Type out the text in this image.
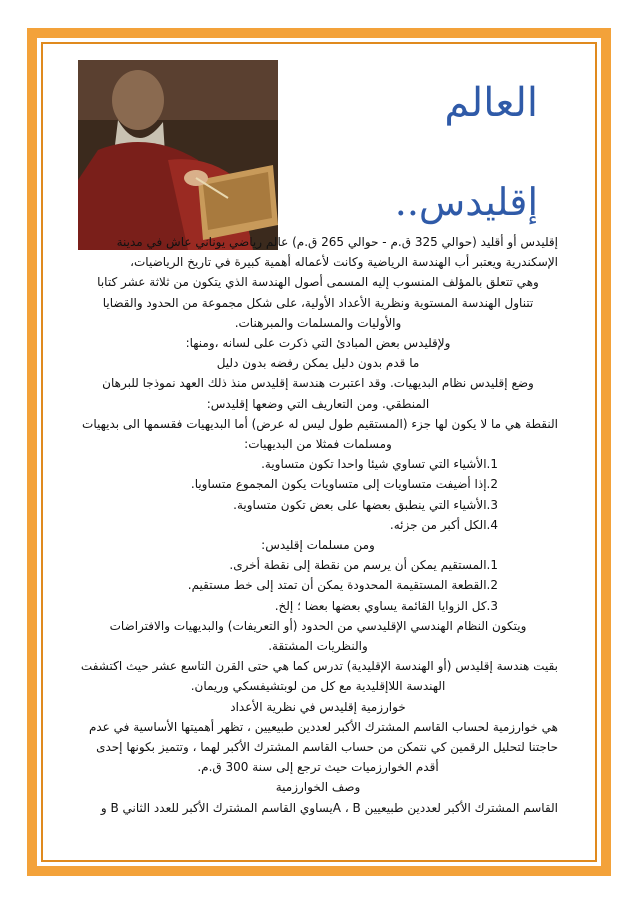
العالم
إقليدس..

إقليدس أو أقليد (حوالي 325 ق.م - حوالي 265 ق.م) عالم رياضي يوناني عاش في مدينة

الإسكندرية ويعتبر أب الهندسة الرياضية وكانت لأعماله أهمية كبيرة في تاريخ الرياضيات،

وهي تتعلق بالمؤلف المنسوب إليه المسمى أصول الهندسة الذي يتكون من ثلاثة عشر كتابا

تتناول الهندسة المستوية ونظرية الأعداد الأولية، على شكل مجموعة من الحدود والقضايا

والأوليات والمسلمات والمبرهنات.

ولإقليدس بعض المبادئ التي ذكرت على لسانه ،ومنها:

ما قدم بدون دليل يمكن رفضه بدون دليل

وضع إقليدس نظام البديهيات. وقد اعتبرت هندسة إقليدس منذ ذلك العهد نموذجا للبرهان

المنطقي. ومن التعاريف التي وضعها إقليدس:

النقطة هي ما لا يكون لها جزء (المستقيم طول ليس له عرض) أما البديهيات فقسمها الى بديهيات

ومسلمات فمثلا من البديهيات:

1.الأشياء التي تساوي شيئا واحدا تكون متساوية.

2.إذا أضيفت متساويات إلى متساويات يكون المجموع متساويا.

3.الأشياء التي ينطبق بعضها على بعض تكون متساوية.

4.الكل أكبر من جزئه.

ومن مسلمات إقليدس:

1.المستقيم يمكن أن يرسم من نقطة إلى نقطة أخرى.

2.القطعة المستقيمة المحدودة يمكن أن تمتد إلى خط مستقيم.

3.كل الزوايا القائمة يساوي بعضها بعضا ؛ إلخ.

ويتكون النظام الهندسي الإقليدسي من الحدود (أو التعريفات) والبديهيات والافتراضات

والنظريات المشتقة.

بقيت هندسة إقليدس (أو الهندسة الإقليدية) تدرس كما هي حتى القرن التاسع عشر حيث اكتشفت

الهندسة اللاإقليدية مع كل من لوبتشيفسكي وريمان.

خوارزمية إقليدس في نظرية الأعداد

هي خوارزمية لحساب القاسم المشترك الأكبر لعددين طبيعيين ، تظهر أهميتها الأساسية في عدم

حاجتنا لتحليل الرقمين كي نتمكن من حساب القاسم المشترك الأكبر لهما ، وتتميز بكونها إحدى

أقدم الخوارزميات حيث ترجع إلى سنة 300 ق.م.

وصف الخوارزمية

القاسم المشترك الأكبر لعددين طبيعيين A ، Bيساوي القاسم المشترك الأكبر للعدد الثاني B و
